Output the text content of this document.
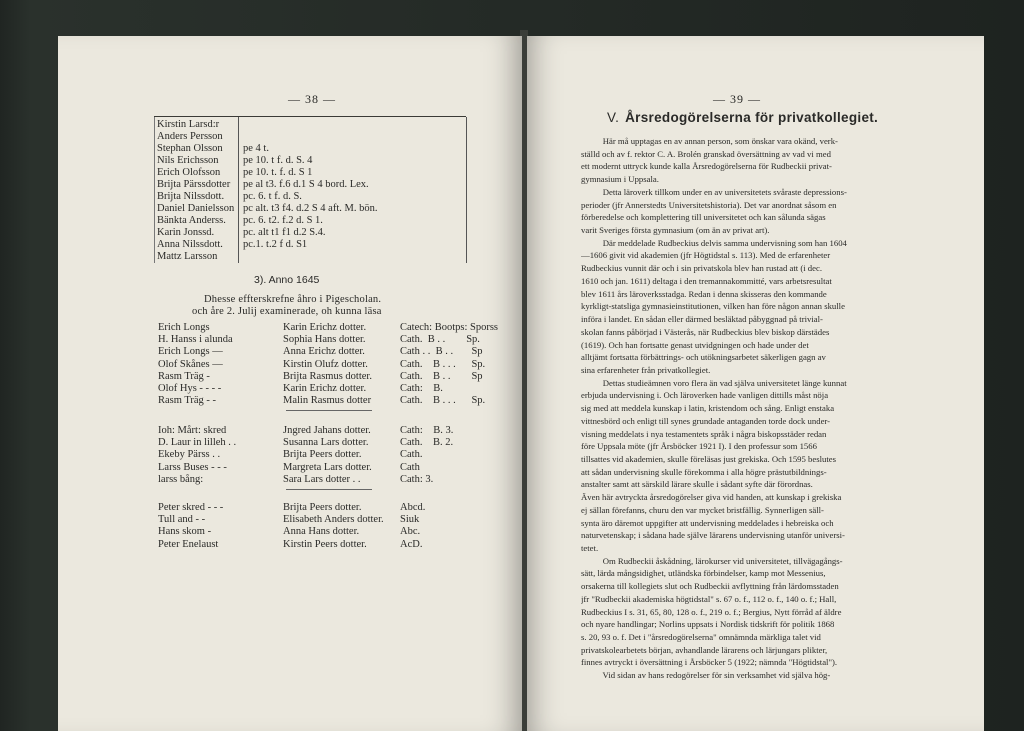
— 38 —
Kirstin Larsd:r
Anders Persson
Stephan Olsson pe 4 t.
Nils Erichsson pe 10. t f. d. S. 4
Erich Olofsson pe 10. t. f. d. S 1
Brijta Pärssdotter pe al t3. f.6 d.1 S 4 bord. Lex.
Brijta Nilssdott. pc. 6. t f. d. S.
Daniel Danielsson pc alt. t3 f4. d.2 S 4 aft. M. bön.
Bänkta Anderss. pc. 6. t2. f.2 d. S 1.
Karin Jonssd.	pc. alt t1 f1 d.2 S.4.
Anna Nilssdott. pc.1. t.2 f d. S1
Mattz Larsson
3). Anno 1645
Dhesse effterskrefne åhro i Pigescholan.
och åre 2. Julij examinerade, oh kunna läsa
Erich Longs	Karin Erichz dotter.	Catech: Bootps: Sporss
H. Hanss i alunda	Sophia Hans dotter.	Cath.  B . .        Sp.
Erich Longs —	Anna Erichz dotter.	Cath . .  B . .       Sp
Olof Skånes —	Kirstin Olufz dotter.	Cath.    B . . .      Sp.
Rasm Träg -	Brijta Rasmus dotter.	Cath.    B . .        Sp
Olof Hys - - - -	Karin Erichz dotter.	Cath:    B.
Rasm Träg - -	Malin Rasmus dotter	Cath.    B . . .      Sp.
Ioh: Mårt: skred	Jngred Jahans dotter.	Cath:    B. 3.
D. Laur in lilleh . .	Susanna Lars dotter.	Cath.    B. 2.
Ekeby Pärss . .	Brijta Peers dotter.	Cath.
Larss Buses - - -	Margreta Lars dotter.	Cath
larss bång:	Sara Lars dotter . .	Cath: 3.
Peter skred - - -	Brijta Peers dotter.	Abcd.
Tull and - -	Elisabeth Anders dotter. Siuk
Hans skom -	Anna Hans dotter.	Abc.
Peter Enelaust	Kirstin Peers dotter.	AcD.
— 39 —
V. Årsredogörelserna för privatkollegiet.

Här må upptagas en av annan person, som önskar vara okänd, verk-

ställd och av f. rektor C. A. Brolén granskad översättning av vad vi med

ett modernt uttryck kunde kalla Årsredogörelserna för Rudbeckii privat-

gymnasium i Uppsala.

Detta läroverk tillkom under en av universitetets svåraste depressions-

perioder (jfr Annerstedts Universitetshistoria). Det var anordnat såsom en

förberedelse och komplettering till universitetet och kan sålunda sägas

varit Sveriges första gymnasium (om än av privat art).

Där meddelade Rudbeckius delvis samma undervisning som han 1604

—1606 givit vid akademien (jfr Högtidstal s. 113). Med de erfarenheter

Rudbeckius vunnit där och i sin privatskola blev han rustad att (i dec.

1610 och jan. 1611) deltaga i den tremannakommitté, vars arbetsresultat

blev 1611 års läroverksstadga. Redan i denna skisseras den kommande

kyrkligt-statsliga gymnasieinstitutionen, vilken han före någon annan skulle

införa i landet. En sådan eller därmed besläktad påbyggnad på trivial-

skolan fanns påbörjad i Västerås, när Rudbeckius blev biskop därstädes

(1619). Och han fortsatte genast utvidgningen och hade under det

alltjämt fortsatta förbättrings- och utökningsarbetet säkerligen gagn av

sina erfarenheter från privatkollegiet.

Dettas studieämnen voro flera än vad själva universitetet länge kunnat

erbjuda undervisning i. Och läroverken hade vanligen dittills måst nöja

sig med att meddela kunskap i latin, kristendom och sång. Enligt enstaka

vittnesbörd och enligt till synes grundade antaganden torde dock under-

visning meddelats i nya testamentets språk i några biskopsstäder redan

före Uppsala möte (jfr Årsböcker 1921 I). I den professur som 1566

tillsattes vid akademien, skulle föreläsas just grekiska. Och 1595 beslutes

att sådan undervisning skulle förekomma i alla högre prästutbildnings-

anstalter samt att särskild lärare skulle i sådant syfte där förordnas.

Även här avtryckta årsredogörelser giva vid handen, att kunskap i grekiska

ej sällan förefanns, churu den var mycket bristfällig. Synnerligen säll-

synta äro däremot uppgifter att undervisning meddelades i hebreiska och

naturvetenskap; i sådana hade själve lärarens undervisning utanför universi-

tetet.

Om Rudbeckii åskådning, lärokurser vid universitetet, tillvägagångs-

sätt, lärda mångsidighet, utländska förbindelser, kamp mot Messenius,

orsakerna till kollegiets slut och Rudbeckii avflyttning från lärdomsstaden

jfr "Rudbeckii akademiska högtidstal" s. 67 o. f., 112 o. f., 140 o. f.; Hall,

Rudbeckius I s. 31, 65, 80, 128 o. f., 219 o. f.; Bergius, Nytt förråd af äldre

och nyare handlingar; Norlins uppsats i Nordisk tidskrift för politik 1868

s. 20, 93 o. f. Det i "årsredogörelserna" omnämnda märkliga talet vid

privatskolearbetets början, avhandlande lärarens och lärjungars plikter,

finnes avtryckt i översättning i Årsböcker 5 (1922; nämnda "Högtidstal").

Vid sidan av hans redogörelser för sin verksamhet vid själva hög-
